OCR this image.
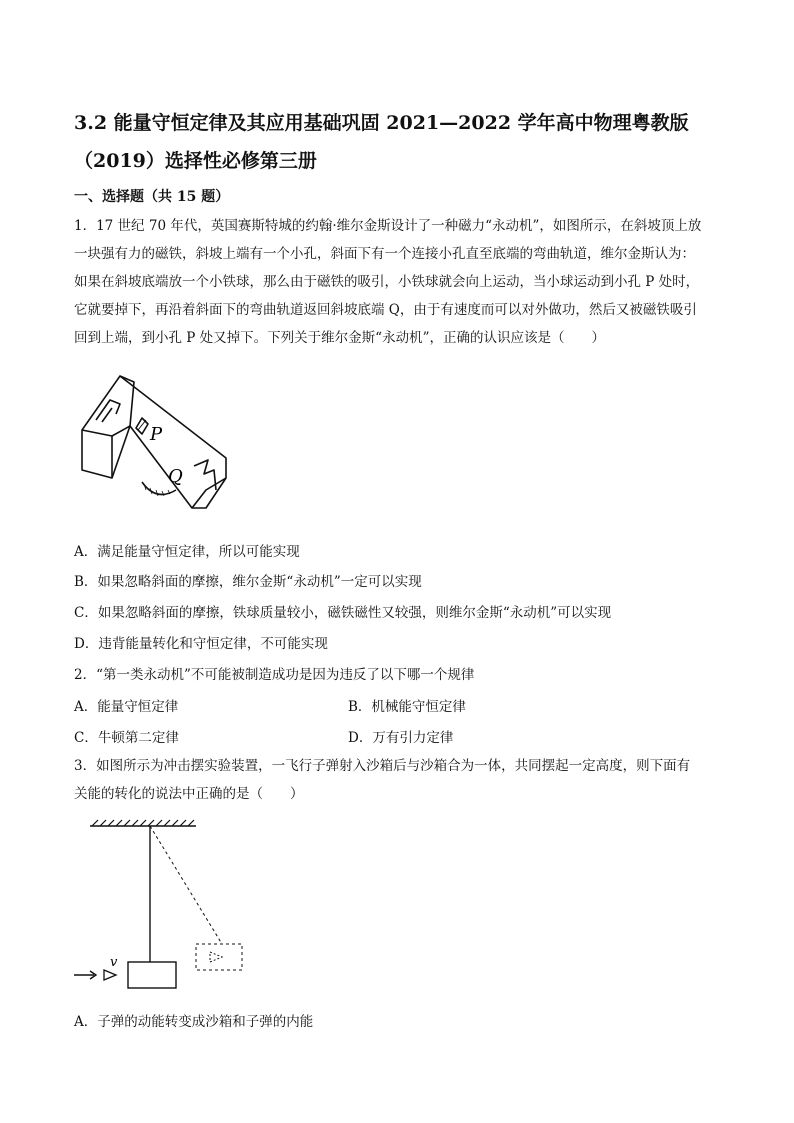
3.2 能量守恒定律及其应用基础巩固 2021—2022 学年高中物理粤教版
（2019）选择性必修第三册
一、选择题（共 15 题）
1．17 世纪 70 年代，英国赛斯特城的约翰·维尔金斯设计了一种磁力“永动机”，如图所示，在斜坡顶上放
一块强有力的磁铁，斜坡上端有一个小孔，斜面下有一个连接小孔直至底端的弯曲轨道，维尔金斯认为：
如果在斜坡底端放一个小铁球，那么由于磁铁的吸引，小铁球就会向上运动，当小球运动到小孔 P 处时，
它就要掉下，再沿着斜面下的弯曲轨道返回斜坡底端 Q，由于有速度而可以对外做功，然后又被磁铁吸引
回到上端，到小孔 P 处又掉下。下列关于维尔金斯“永动机”，正确的认识应该是（　　）
P
Q
A．满足能量守恒定律，所以可能实现
B．如果忽略斜面的摩擦，维尔金斯“永动机”一定可以实现
C．如果忽略斜面的摩擦，铁球质量较小，磁铁磁性又较强，则维尔金斯“永动机”可以实现
D．违背能量转化和守恒定律，不可能实现
2．“第一类永动机”不可能被制造成功是因为违反了以下哪一个规律
A．能量守恒定律	B．机械能守恒定律
C．牛顿第二定律	D．万有引力定律
3．如图所示为冲击摆实验装置，一飞行子弹射入沙箱后与沙箱合为一体，共同摆起一定高度，则下面有
关能的转化的说法中正确的是（　　）
v
A．子弹的动能转变成沙箱和子弹的内能
